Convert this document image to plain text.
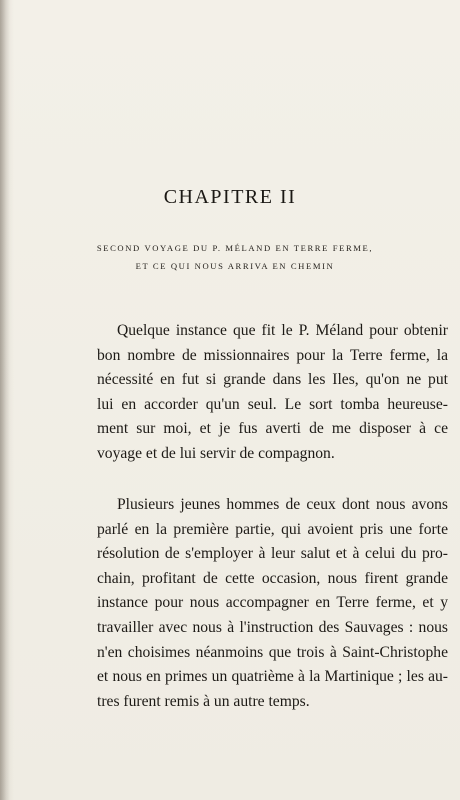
CHAPITRE II
SECOND VOYAGE DU P. MÉLAND EN TERRE FERME,
ET CE QUI NOUS ARRIVA EN CHEMIN
Quelque instance que fit le P. Méland pour obtenir
bon nombre de missionnaires pour la Terre ferme, la
nécessité en fut si grande dans les Iles, qu'on ne put
lui en accorder qu'un seul. Le sort tomba heureuse-
ment sur moi, et je fus averti de me disposer à ce
voyage et de lui servir de compagnon.
Plusieurs jeunes hommes de ceux dont nous avons
parlé en la première partie, qui avoient pris une forte
résolution de s'employer à leur salut et à celui du pro-
chain, profitant de cette occasion, nous firent grande
instance pour nous accompagner en Terre ferme, et y
travailler avec nous à l'instruction des Sauvages : nous
n'en choisimes néanmoins que trois à Saint-Christophe
et nous en primes un quatrième à la Martinique ; les au-
tres furent remis à un autre temps.
